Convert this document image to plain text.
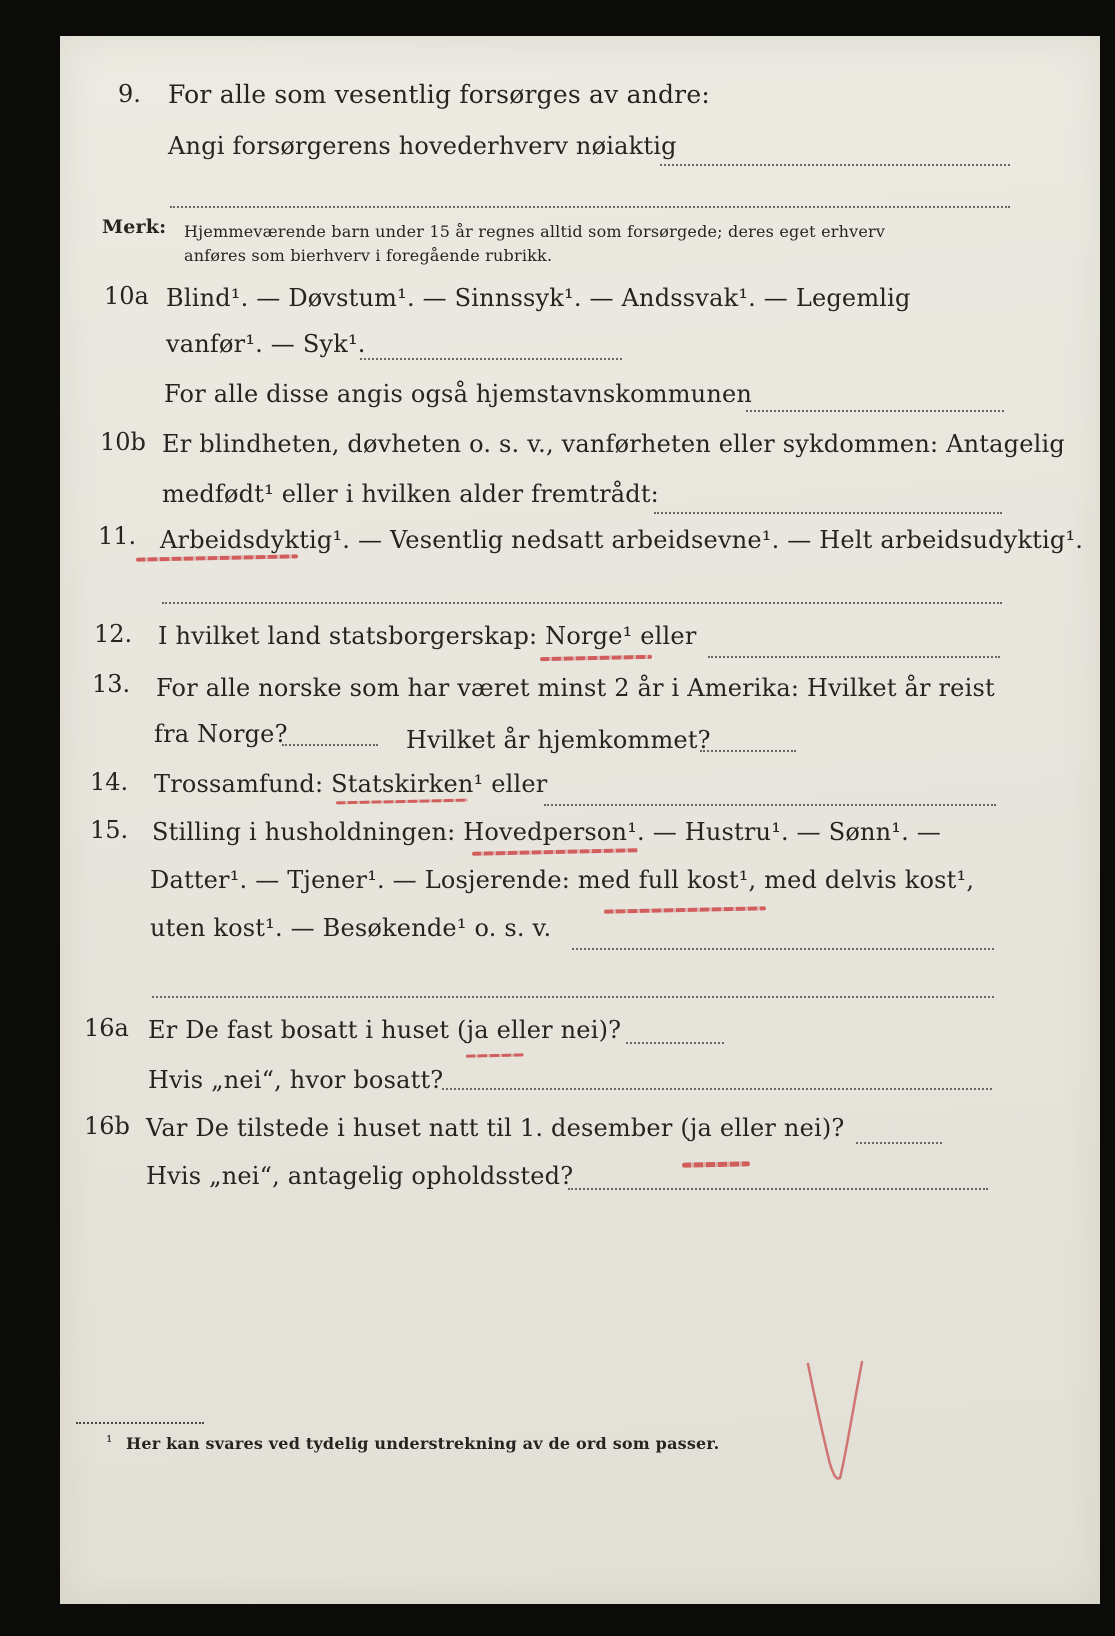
9. For alle som vesentlig forsørges av andre:
Angi forsørgerens hovederhverv nøiaktig
Merk: Hjemmeværende barn under 15 år regnes alltid som forsørgede; deres eget erhverv
anføres som bierhverv i foregående rubrikk.
10a Blind¹. — Døvstum¹. — Sinnssyk¹. — Andssvak¹. — Legemlig
vanfør¹. — Syk¹.
For alle disse angis også hjemstavnskommunen
10b Er blindheten, døvheten o. s. v., vanførheten eller sykdommen: Antagelig
medfødt¹ eller i hvilken alder fremtrådt:
11. Arbeidsdyktig¹. — Vesentlig nedsatt arbeidsevne¹. — Helt arbeidsudyktig¹.
12. I hvilket land statsborgerskap: Norge¹ eller
13. For alle norske som har været minst 2 år i Amerika: Hvilket år reist
fra Norge?	Hvilket år hjemkommet?
14. Trossamfund: Statskirken¹ eller
15. Stilling i husholdningen: Hovedperson¹. — Hustru¹. — Sønn¹. —
Datter¹. — Tjener¹. — Losjerende: med full kost¹, med delvis kost¹,
uten kost¹. — Besøkende¹ o. s. v.
16a Er De fast bosatt i huset (ja eller nei)?
Hvis „nei“, hvor bosatt?
16b Var De tilstede i huset natt til 1. desember (ja eller nei)?
Hvis „nei“, antagelig opholdssted?
¹ Her kan svares ved tydelig understrekning av de ord som passer.
